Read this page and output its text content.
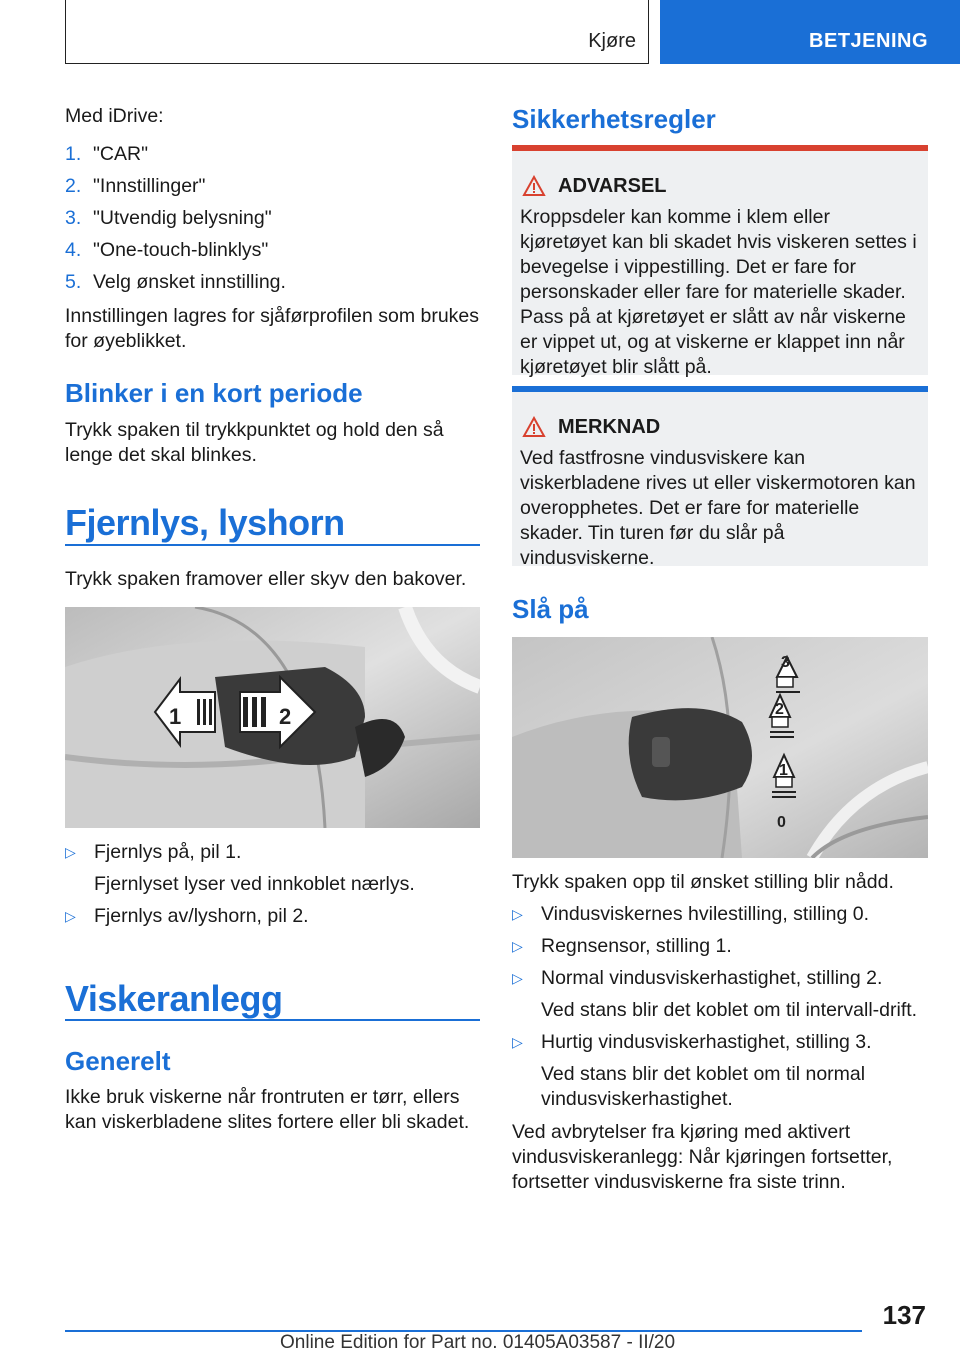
Kjøre	BETJENING

Med iDrive:

1. "CAR"
2. "Innstillinger"
3. "Utvendig belysning"
4. "One-touch-blinklys"
5. Velg ønsket innstilling.

Innstillingen lagres for sjåførprofilen som brukes for øyeblikket.

Blinker i en kort periode

Trykk spaken til trykkpunktet og hold den så lenge det skal blinkes.

Fjernlys, lyshorn

Trykk spaken framover eller skyv den bakover.

▷ Fjernlys på, pil 1.
Fjernlyset lyser ved innkoblet nærlys.
▷ Fjernlys av/lyshorn, pil 2.
Viskeranlegg
Generelt

Ikke bruk viskerne når frontruten er tørr, ellers kan viskerbladene slites fortere eller bli skadet.

1	2
Sikkerhetsregler
ADVARSEL

Kroppsdeler kan komme i klem eller kjøretøyet kan bli skadet hvis viskeren settes i bevegelse i vippestilling. Det er fare for personskader eller fare for materielle skader. Pass på at kjøretøyet er slått av når viskerne er vippet ut, og at viskerne er klappet inn når kjøretøyet blir slått på.

MERKNAD

Ved fastfrosne vindusviskere kan viskerbladene rives ut eller viskermotoren kan overopphetes. Det er fare for materielle skader. Tin turen før du slår på vindusviskerne.

Slå på

Trykk spaken opp til ønsket stilling blir nådd.

▷ Vindusviskernes hvilestilling, stilling 0.
▷ Regnsensor, stilling 1.
▷ Normal vindusviskerhastighet, stilling 2.
Ved stans blir det koblet om til intervall-drift.
▷ Hurtig vindusviskerhastighet, stilling 3.
Ved stans blir det koblet om til normal vindusviskerhastighet.

Ved avbrytelser fra kjøring med aktivert vindusviskeranlegg: Når kjøringen fortsetter, fortsetter vindusviskerne fra siste trinn.

3
2
1
0
137
Online Edition for Part no. 01405A03587 - II/20
